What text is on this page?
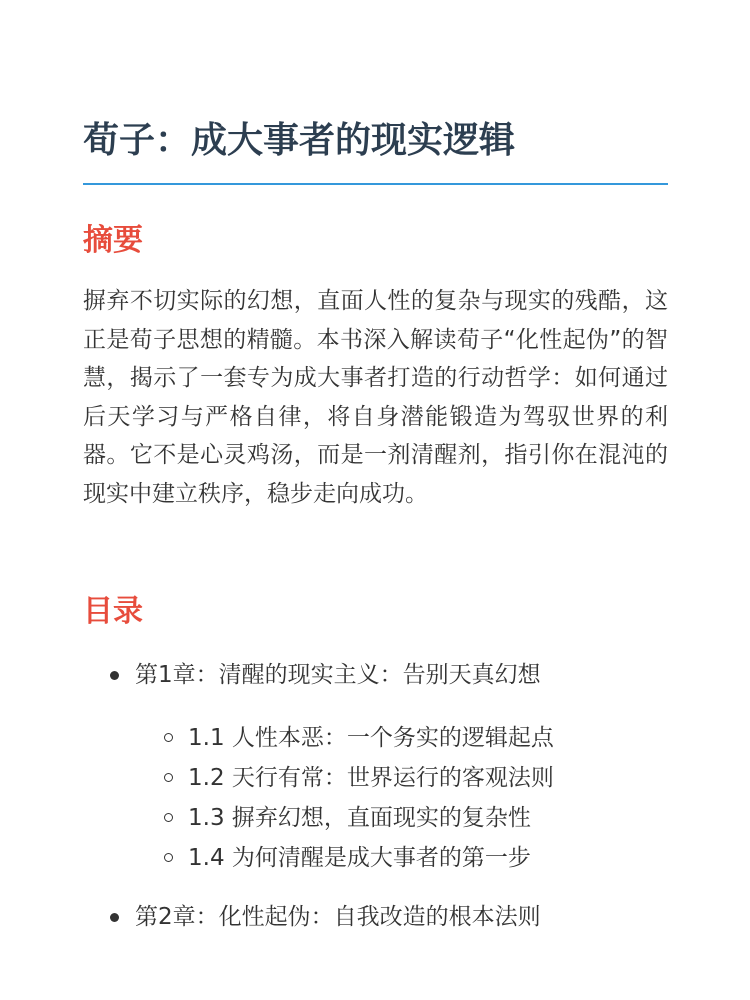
荀子：成大事者的现实逻辑
摘要

摒弃不切实际的幻想，直面人性的复杂与现实的残酷，这正是荀子思想的精髓。本书深入解读荀子“化性起伪”的智慧，揭示了一套专为成大事者打造的行动哲学：如何通过后天学习与严格自律，将自身潜能锻造为驾驭世界的利器。它不是心灵鸡汤，而是一剂清醒剂，指引你在混沌的现实中建立秩序，稳步走向成功。

目录
第1章：清醒的现实主义：告别天真幻想
1.1 人性本恶：一个务实的逻辑起点
1.2 天行有常：世界运行的客观法则
1.3 摒弃幻想，直面现实的复杂性
1.4 为何清醒是成大事者的第一步
第2章：化性起伪：自我改造的根本法则
